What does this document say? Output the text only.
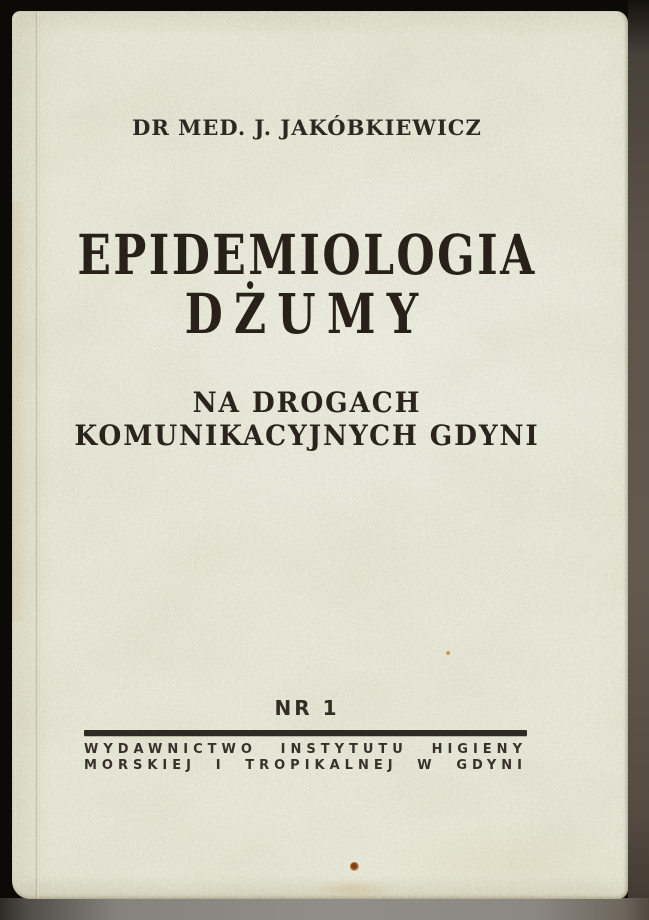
DR MED. J. JAKÓBKIEWICZ
EPIDEMIOLOGIA
DŻUMY
NA DROGACH
KOMUNIKACYJNYCH GDYNI
NR 1
WYDAWNICTWO INSTYTUTU HIGIENY
MORSKIEJ I TROPIKALNEJ W GDYNI
